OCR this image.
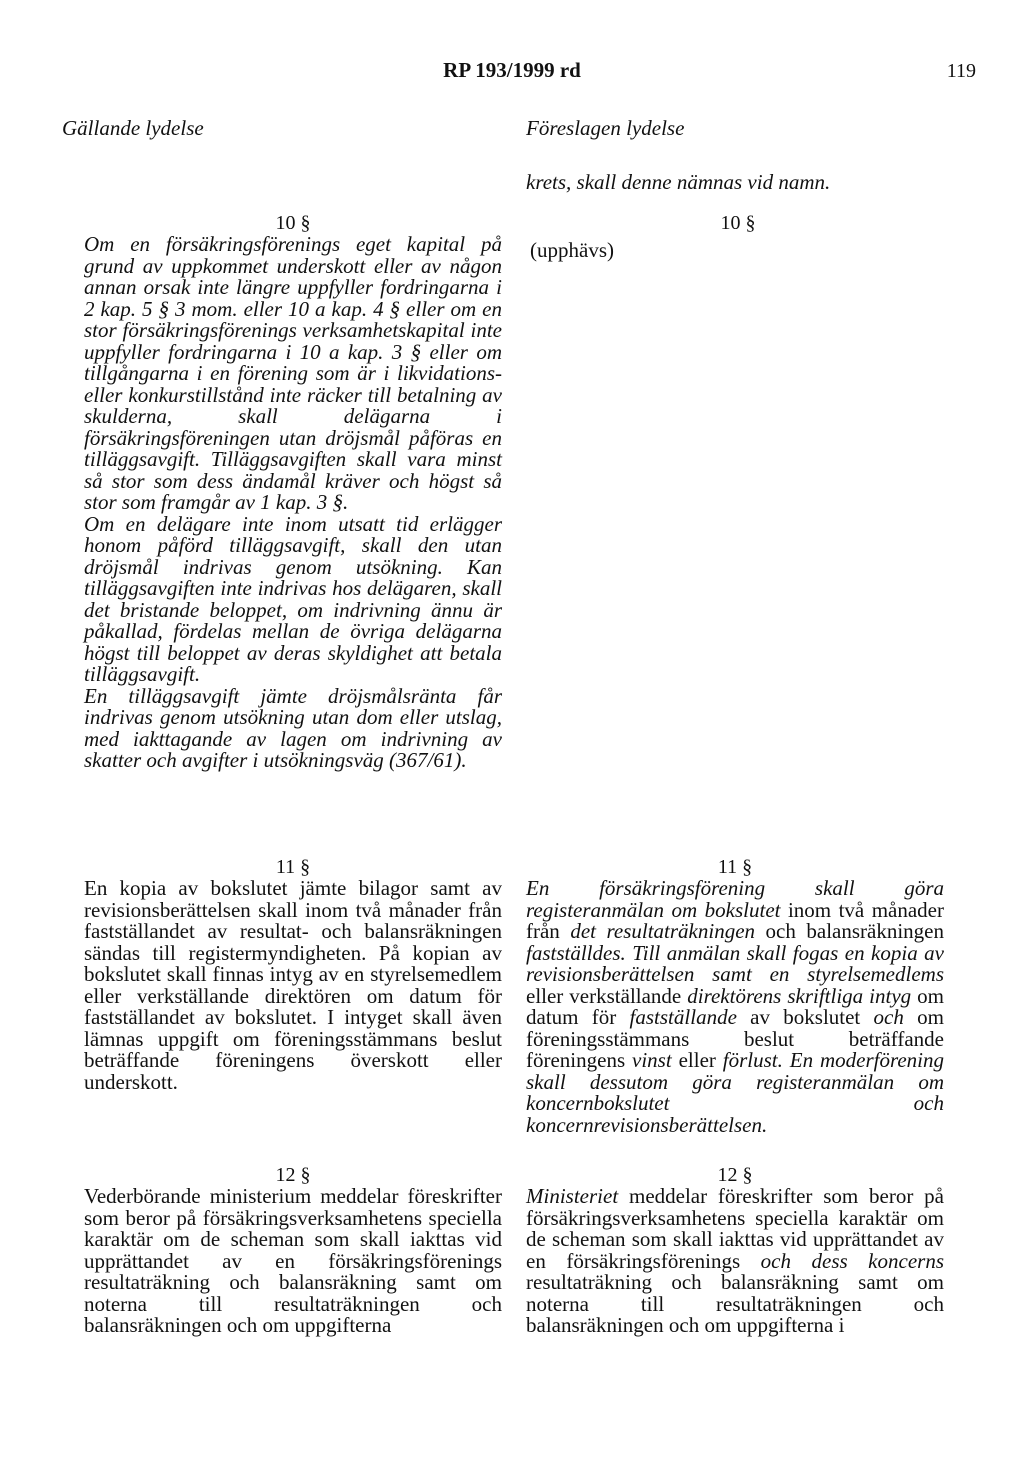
RP 193/1999 rd	119
Gällande lydelse	Föreslagen lydelse
krets, skall denne nämnas vid namn.
10 §

Om en försäkringsförenings eget kapital på grund av uppkommet underskott eller av någon annan orsak inte längre uppfyller fordringarna i 2 kap. 5 § 3 mom. eller 10 a kap. 4 § eller om en stor försäkringsförenings verksamhetskapital inte uppfyller fordringarna i 10 a kap. 3 § eller om tillgångarna i en förening som är i likvidations- eller konkurstillstånd inte räcker till betalning av skulderna, skall delägarna i försäkringsföreningen utan dröjsmål påföras en tilläggsavgift. Tilläggsavgiften skall vara minst så stor som dess ändamål kräver och högst så stor som framgår av 1 kap. 3 §.

Om en delägare inte inom utsatt tid erlägger honom påförd tilläggsavgift, skall den utan dröjsmål indrivas genom utsökning. Kan tilläggsavgiften inte indrivas hos delägaren, skall det bristande beloppet, om indrivning ännu är påkallad, fördelas mellan de övriga delägarna högst till beloppet av deras skyldighet att betala tilläggsavgift.

En tilläggsavgift jämte dröjsmålsränta får indrivas genom utsökning utan dom eller utslag, med iakttagande av lagen om indrivning av skatter och avgifter i utsökningsväg (367/61).

10 §
(upphävs)
11 §

En kopia av bokslutet jämte bilagor samt av revisionsberättelsen skall inom två månader från fastställandet av resultat- och balansräkningen sändas till registermyndigheten. På kopian av bokslutet skall finnas intyg av en styrelsemedlem eller verkställande direktören om datum för fastställandet av bokslutet. I intyget skall även lämnas uppgift om föreningsstämmans beslut beträffande föreningens överskott eller underskott.

11 §

En försäkringsförening skall göra registeranmälan om bokslutet inom två månader från det resultaträkningen och balansräkningen fastställdes. Till anmälan skall fogas en kopia av revisionsberättelsen samt en styrelsemedlems eller verkställande direktörens skriftliga intyg om datum för fastställande av bokslutet och om föreningsstämmans beslut beträffande föreningens vinst eller förlust. En moderförening skall dessutom göra registeranmälan om koncernbokslutet och koncernrevisionsberättelsen.

12 §

Vederbörande ministerium meddelar föreskrifter som beror på försäkringsverksamhetens speciella karaktär om de scheman som skall iakttas vid upprättandet av en försäkringsförenings resultaträkning och balansräkning samt om noterna till resultaträkningen och balansräkningen och om uppgifterna

12 §

Ministeriet meddelar föreskrifter som beror på försäkringsverksamhetens speciella karaktär om de scheman som skall iakttas vid upprättandet av en försäkringsförenings och dess koncerns resultaträkning och balansräkning samt om noterna till resultaträkningen och balansräkningen och om uppgifterna i
